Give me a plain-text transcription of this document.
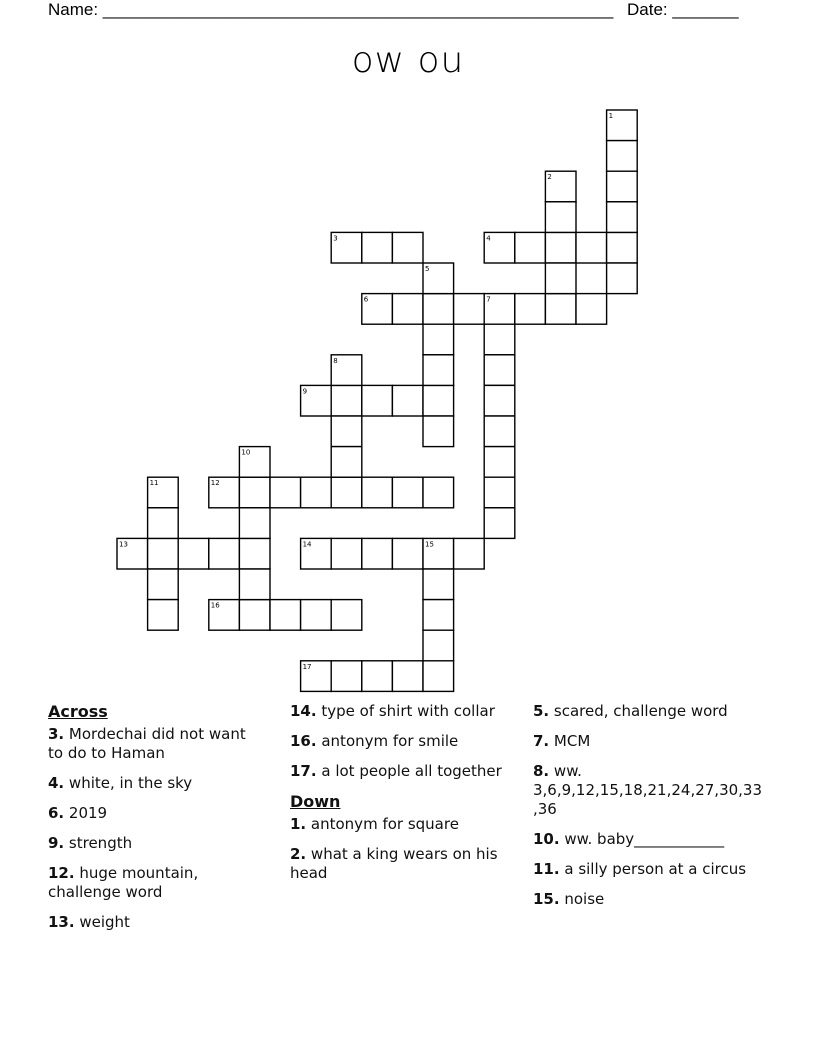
Name: ______________________________________________________ Date: _______
ow ou
1
2
3	4
5
6	7
8
9
10
11	12
13	14	15
16
17
Across
3. Mordechai did not want to do to Haman
4. white, in the sky
6. 2019
9. strength
12. huge mountain, challenge word
13. weight
14. type of shirt with collar
16. antonym for smile
17. a lot people all together
Down
1. antonym for square
2. what a king wears on his head
5. scared, challenge word
7. MCM
8. ww. 3,6,9,12,15,18,21,24,27,30,33,36
10. ww. baby____________
11. a silly person at a circus
15. noise
